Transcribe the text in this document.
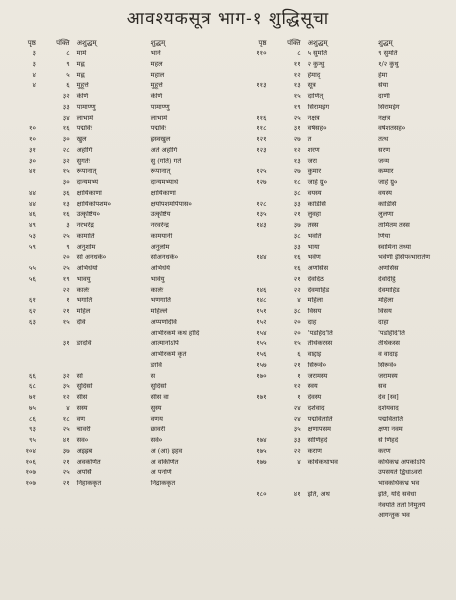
आवश्यकसूत्र भाग-१ शुद्धिसूचा
पृष्ठ	पंक्ति	अशुद्धम्	शुद्धम्
३	८	मामे	भाने
३	९	मह्न	महल
४	५	मह्न	महाल
४	६	मुहूत्ते	मुहूत्ते
	३२	केणि	केणि
	३३	पामाण्णु	पामाण्णु
	३४	लाभामे	लाभामे
१०	१६	पद्मविः	पद्मविः
१०	३०	खुल	ह्रस्वखुल
३१	२८	अहोगि	अते अहोगि
३०	३२	सुगतेः	सु (गति) गते
४१	१५	रूपानात्	रूपानात्
	३०	दान्यमभ्यं	दान्यमभ्याथे
४४	३६	क्षायिकाणां	क्षायिकाणां
४४	१३	क्षायिकोपशम०	क्षयोपशमपिपास०
४६	१६	उत्कृष्टिय०	उत्कृष्टिय
४९	३	नरभरेद्र	नरवरेन्द्र
५३	२५	कामाति	कामयानी
५९	९	अनुशोम	अनुलोम
	२०	सो अनधके०	सोअनधके०
५५	२५	अभिधेयो	अभिधेये
५६	१९	भावयु	भावेयु
	२२	कालेः	कालेः
६१	१	भगाति	भणगाति
६२	२१	महिल	महिल्ले
६३	१५	देवि	अप्पणोदेवि
			आभीरकर्म कथं होदि
	३१	ङादवि	आत्मानोऽपि
			आभीरकर्म कृतं
			ङावि
६६	३२	सो	स
६८	३५	सुदिसो	सुदिसो
७१	१२	सीसं	सीसं वा
७५	४	सस्य	सुस्य
८६	१८	वण	वणय
९३	२५	चावरी	छावरी
९५	४१	सव०	सर्व०
१०४	३७	अइह्रब	अ (आ) इहव
१०६	२१	अवकंणित	अ वकिणित
१०७	२५	अपसेि	अ पनणि
१०७	२१	निहाककृत	निद्राककृत
पृष्ठ	पंक्ति	अशुद्धम्	शुद्धम्
११०	८	५ सुमति	९ सुमति
	११	२ कुन्थु	१/२ कुंथु
	१२	हेमाद्	हेमा
११३	१३	सूत्र	सेया
	१५	दाणित्	दाणी
	१९	सिरामइंग	सिरामईग
११६	२५	नक्षत्र	नक्षत्र
११८	३१	वर्षसह०	वर्षशतसह०
१२१	२७	त	तत्थ
१२३	१२	शरण	सरण
	१३	जरा	जन्म
१२५	२७	कुमार	कम्मार
१२७	१८	जाहे ग्रु०	जाहे ग्रु०
	३८	वयस्य	वयस्य
१२८	३३	कांडिसि	कांडिसि
१३५	२१	लुवहा	लुलणा
१४३	३७	तस्स	तामितम तस्स
	३८	भवति	णिया
	३३	भाया	स्वामिना तथ्या
१४४	१६	भवेण	भवेणी ईसिपव्भारातेण
	१६	अणसिस	अणसिस
	२१	देवदिठ	देवदिट्ठि
१४६	२२	देवमाहिड	देवमाहिड
१४८	४	महिला	महिला
१५१	३८	विसय	विसय
१५२	२०	दाह	दाहा
१५४	२०	'पडहिद'ति	'पडहिदि'ति
१५५	१५	तीर्थकरस्स	तीर्थकस्स
१५६	६	वाद्दाइ	व वादाइ
१५७	२१	सिरूवे०	सिरूवे०
१७०	१	जरामस्य	जरामस्य
	१२	स्वय	सव
१७१	१	देवस्य	देव [स्व]
	२४	दर्शवाद	दर्शयवाद
	२४	पद्मविताति	पद्मविताति
	३५	क्षणापसम	क्षणा नवम
१७४	३३	सोणिहदे	से णिहदे
१७५	२२	कराण	करण
१७७	४	कथिकथाभव	कथिकभ्र अपकोऽपि
			उपसयते द्विधाऽवरो
			भावकथिकभ्र भव
१८०	४१	इति, अथ	इति, यदि सर्वधा
			नेवयति ततो निमुतये
			आगन्तुक भव
